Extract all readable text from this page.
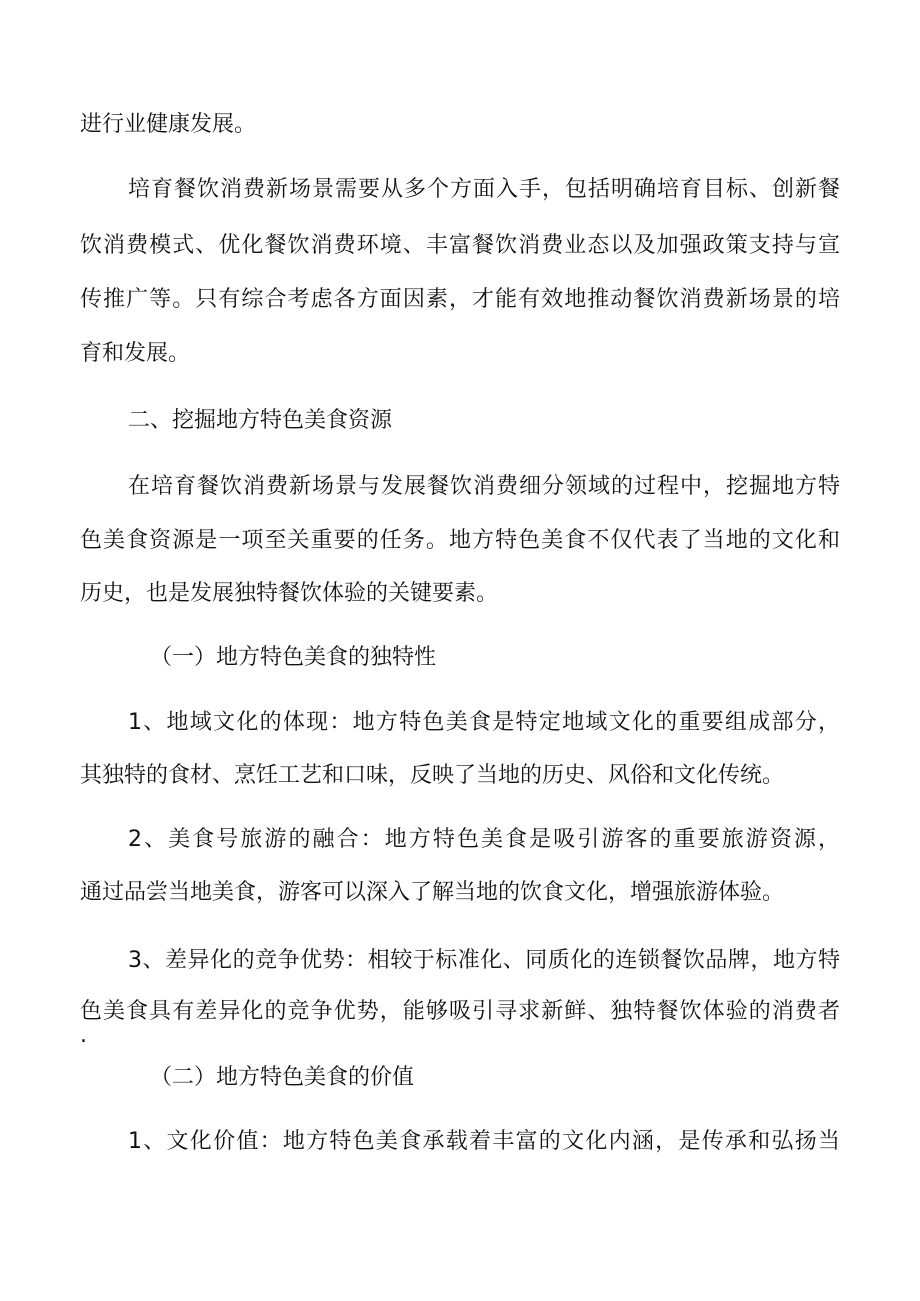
进行业健康发展。
培育餐饮消费新场景需要从多个方面入手，包括明确培育目标、创新餐
饮消费模式、优化餐饮消费环境、丰富餐饮消费业态以及加强政策支持与宣
传推广等。只有综合考虑各方面因素，才能有效地推动餐饮消费新场景的培
育和发展。
二、挖掘地方特色美食资源
在培育餐饮消费新场景与发展餐饮消费细分领域的过程中，挖掘地方特
色美食资源是一项至关重要的任务。地方特色美食不仅代表了当地的文化和
历史，也是发展独特餐饮体验的关键要素。
（一）地方特色美食的独特性
1、地域文化的体现：地方特色美食是特定地域文化的重要组成部分，
其独特的食材、烹饪工艺和口味，反映了当地的历史、风俗和文化传统。
2、美食号旅游的融合：地方特色美食是吸引游客的重要旅游资源，
通过品尝当地美食，游客可以深入了解当地的饮食文化，增强旅游体验。
3、差异化的竞争优势：相较于标准化、同质化的连锁餐饮品牌，地方特
色美食具有差异化的竞争优势，能够吸引寻求新鲜、独特餐饮体验的消费者
.
（二）地方特色美食的价值
1、文化价值：地方特色美食承载着丰富的文化内涵，是传承和弘扬当
